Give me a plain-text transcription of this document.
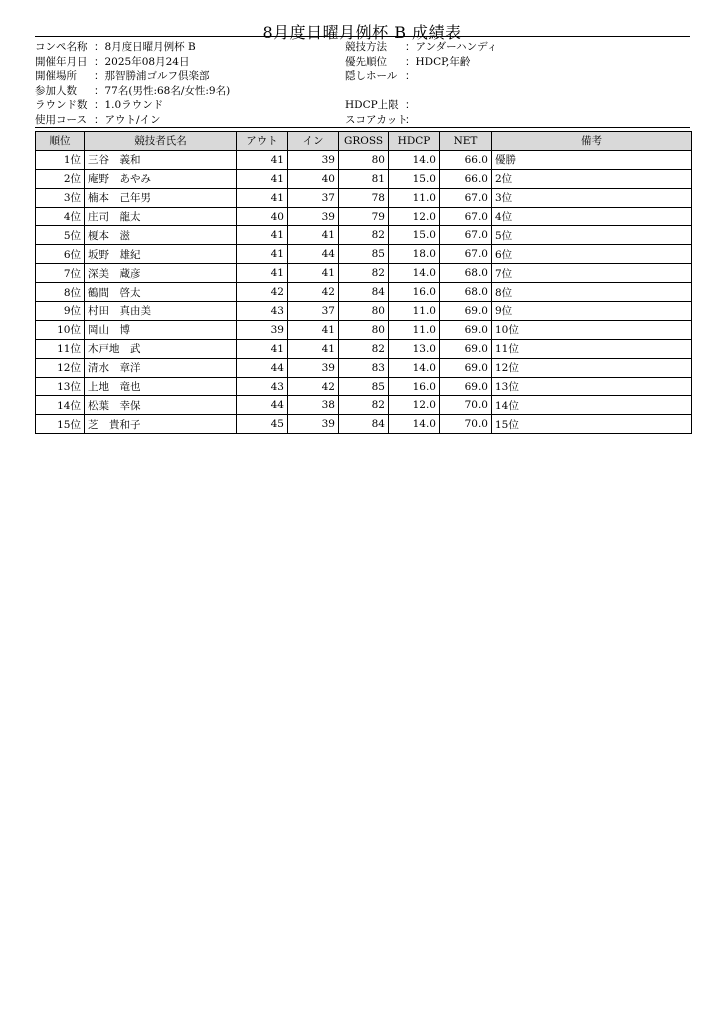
8月度日曜月例杯 B 成績表
コンペ名称 ：8月度日曜月例杯 B	競技方法 ：アンダーハンディ
開催年月日 ：2025年08月24日	優先順位 ：HDCP,年齢
開催場所 ：那智勝浦ゴルフ倶楽部	隠しホール ：
参加人数 ：77名(男性:68名/女性:9名)
ラウンド数 ：1.0ラウンド	HDCP上限 ：
使用コース ：アウト/イン	スコアカット
：
順位	競技者氏名	アウト	イン	GROSS	HDCP	NET	備考
1位	三谷　義和	41	39	80	14.0	66.0	優勝
2位	庵野　あやみ	41	40	81	15.0	66.0	2位
3位	楠本　己年男	41	37	78	11.0	67.0	3位
4位	庄司　龍太	40	39	79	12.0	67.0	4位
5位	榎本　滋	41	41	82	15.0	67.0	5位
6位	坂野　雄紀	41	44	85	18.0	67.0	6位
7位	深美　蔵彦	41	41	82	14.0	68.0	7位
8位	鶴間　啓太	42	42	84	16.0	68.0	8位
9位	村田　真由美	43	37	80	11.0	69.0	9位
10位	岡山　博	39	41	80	11.0	69.0	10位
11位	木戸地　武	41	41	82	13.0	69.0	11位
12位	清水　章洋	44	39	83	14.0	69.0	12位
13位	上地　竜也	43	42	85	16.0	69.0	13位
14位	松葉　幸保	44	38	82	12.0	70.0	14位
15位	芝　貴和子	45	39	84	14.0	70.0	15位
